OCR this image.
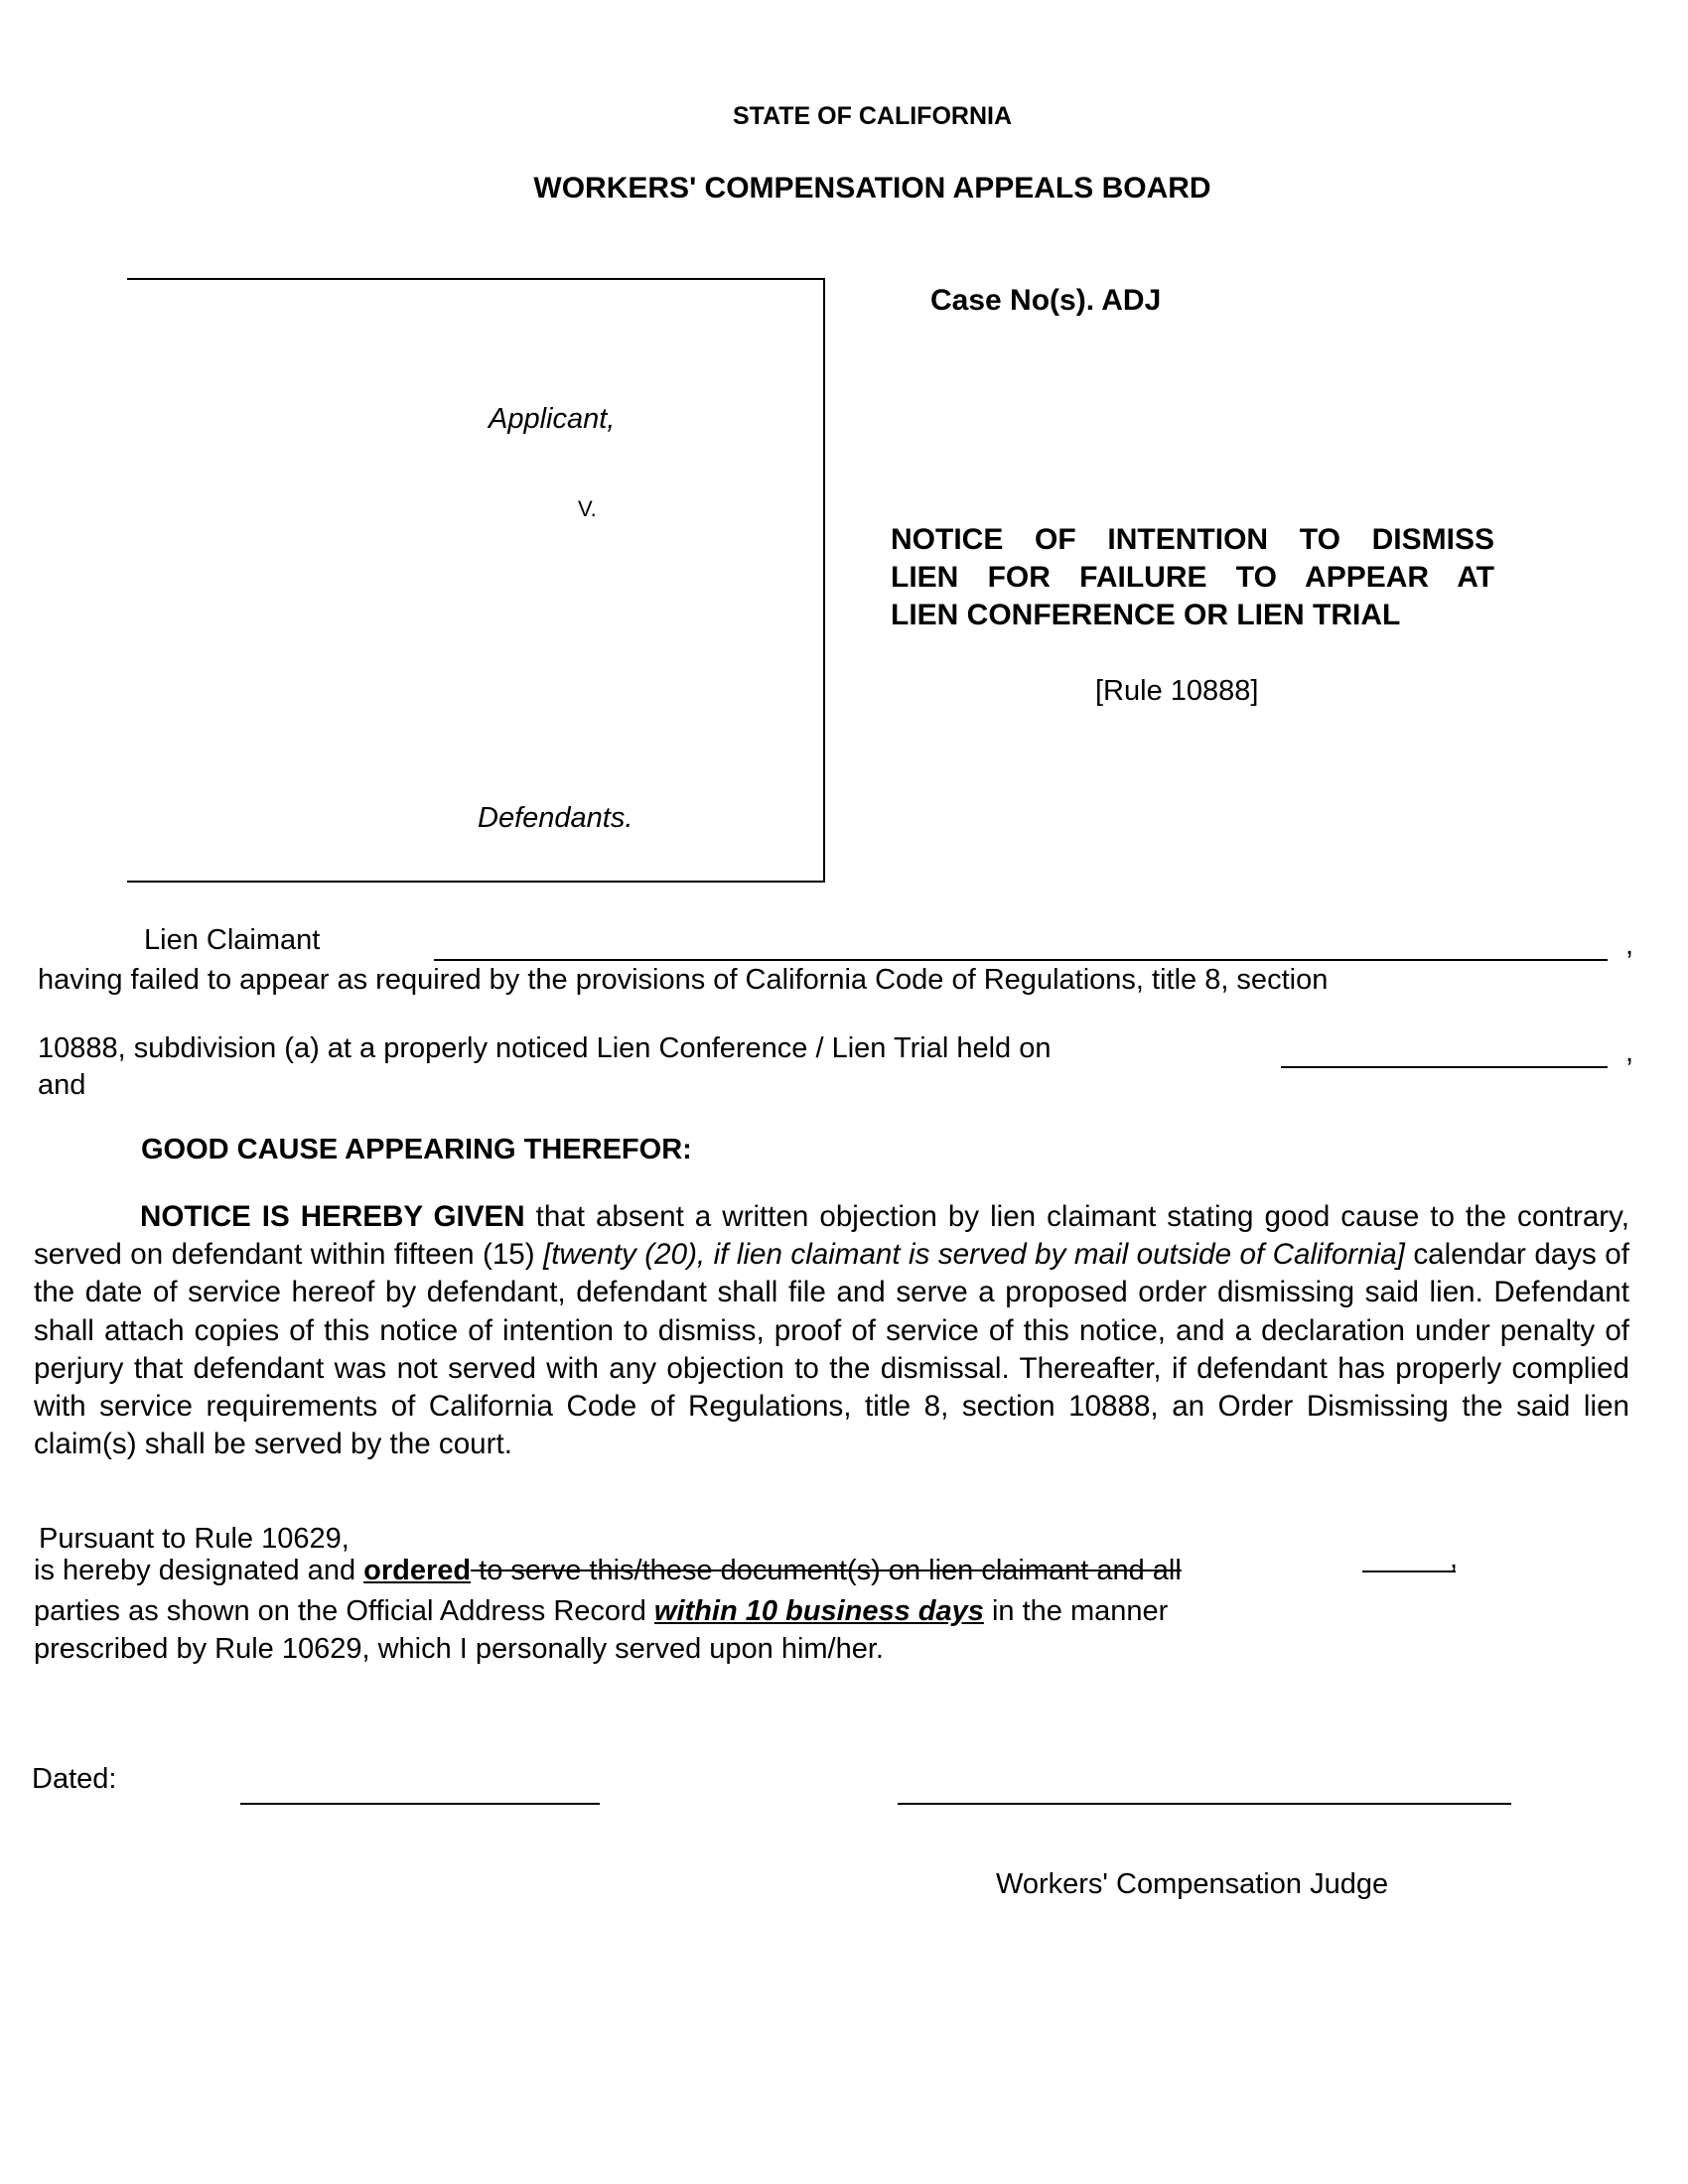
STATE OF CALIFORNIA
WORKERS' COMPENSATION APPEALS BOARD
Applicant,
V.
Defendants.
Case No(s). ADJ
NOTICE OF INTENTION TO DISMISS
LIEN FOR FAILURE TO APPEAR AT
LIEN CONFERENCE OR LIEN TRIAL
[Rule 10888]
Lien Claimant	,
having failed to appear as required by the provisions of California Code of Regulations, title 8, section
10888, subdivision (a) at a properly noticed Lien Conference / Lien Trial held on	,
and
GOOD CAUSE APPEARING THEREFOR:
NOTICE IS HEREBY GIVEN that absent a written objection by lien claimant stating good cause to the contrary, served on defendant within fifteen (15) [twenty (20), if lien claimant is served by mail outside of California] calendar days of the date of service hereof by defendant, defendant shall file and serve a proposed order dismissing said lien. Defendant shall attach copies of this notice of intention to dismiss, proof of service of this notice, and a declaration under penalty of perjury that defendant was not served with any objection to the dismissal. Thereafter, if defendant has properly complied with service requirements of California Code of Regulations, title 8, section 10888, an Order Dismissing the said lien claim(s) shall be served by the court.
Pursuant to Rule 10629,
is hereby designated and ordered to serve this/these document(s) on lien claimant and all	,
parties as shown on the Official Address Record within 10 business days in the manner
prescribed by Rule 10629, which I personally served upon him/her.
Dated:
Workers' Compensation Judge
